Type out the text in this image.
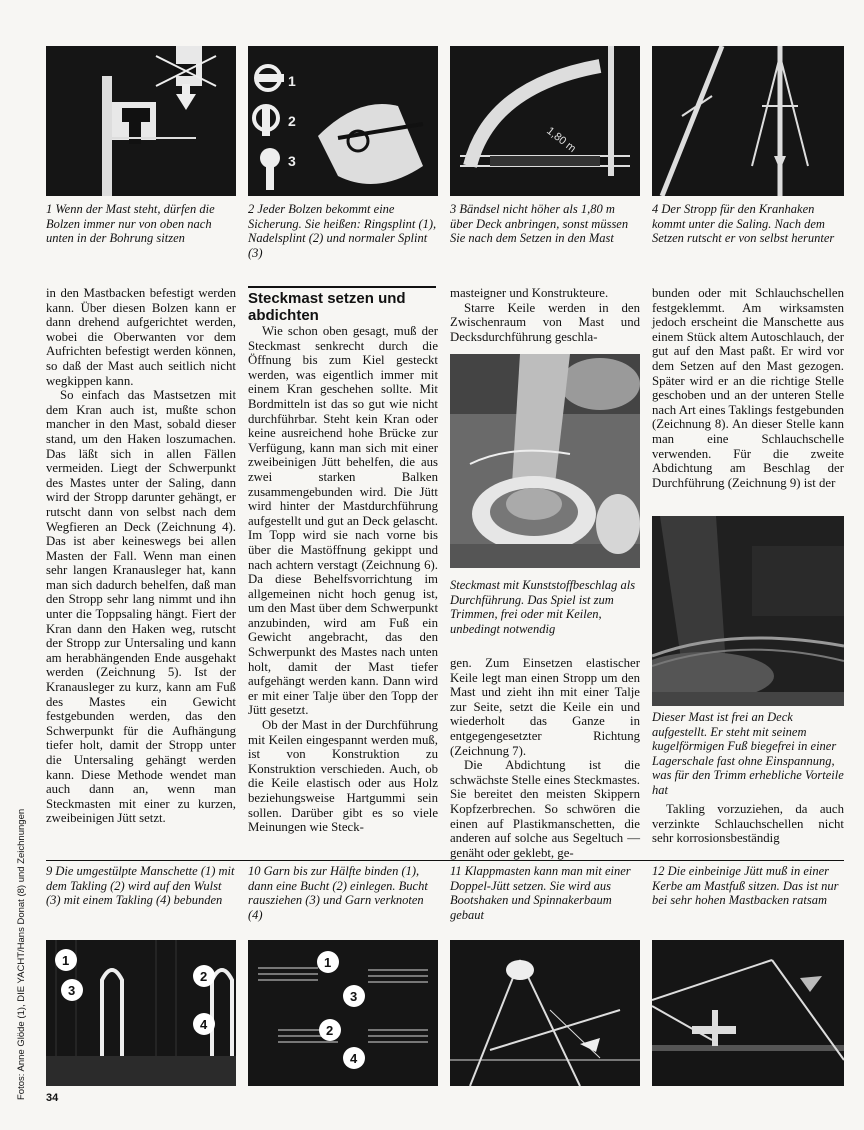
1
2
3
1,80 m
1 Wenn der Mast steht, dürfen die Bolzen immer nur von oben nach unten in der Bohrung sitzen
2 Jeder Bolzen bekommt eine Sicherung. Sie heißen: Ringsplint (1), Nadelsplint (2) und normaler Splint (3)
3 Bändsel nicht höher als 1,80 m über Deck anbringen, sonst müssen Sie nach dem Setzen in den Mast
4 Der Stropp für den Kranhaken kommt unter die Saling. Nach dem Setzen rutscht er von selbst herunter

in den Mastbacken befestigt werden kann. Über diesen Bolzen kann er dann drehend aufgerichtet werden, wobei die Oberwanten vor dem Aufrichten befestigt werden können, so daß der Mast auch seitlich nicht wegkippen kann.

So einfach das Mastsetzen mit dem Kran auch ist, mußte schon mancher in den Mast, sobald dieser stand, um den Haken loszumachen. Das läßt sich in allen Fällen vermeiden. Liegt der Schwerpunkt des Mastes unter der Saling, dann wird der Stropp darunter gehängt, er rutscht dann von selbst nach dem Wegfieren an Deck (Zeichnung 4). Das ist aber keineswegs bei allen Masten der Fall. Wenn man einen sehr langen Kranausleger hat, kann man sich dadurch behelfen, daß man den Stropp sehr lang nimmt und ihn unter die Toppsaling hängt. Fiert der Kran dann den Haken weg, rutscht der Stropp zur Untersaling und kann am herabhängenden Ende ausgehakt werden (Zeichnung 5). Ist der Kranausleger zu kurz, kann am Fuß des Mastes ein Gewicht festgebunden werden, das den Schwerpunkt für die Aufhängung tiefer holt, damit der Stropp unter die Untersaling gehängt werden kann. Diese Methode wendet man auch dann an, wenn man Steckmasten mit einer zu kurzen, zweibeinigen Jütt setzt.

Steckmast setzen und abdichten

Wie schon oben gesagt, muß der Steckmast senkrecht durch die Öffnung bis zum Kiel gesteckt werden, was eigentlich immer mit einem Kran geschehen sollte. Mit Bordmitteln ist das so gut wie nicht durchführbar. Steht kein Kran oder keine ausreichend hohe Brücke zur Verfügung, kann man sich mit einer zweibeinigen Jütt behelfen, die aus zwei starken Balken zusammengebunden wird. Die Jütt wird hinter der Mastdurchführung aufgestellt und gut an Deck gelascht. Im Topp wird sie nach vorne bis über die Mastöffnung gekippt und nach achtern verstagt (Zeichnung 6). Da diese Behelfsvorrichtung im allgemeinen nicht hoch genug ist, um den Mast über dem Schwerpunkt anzubinden, wird am Fuß ein Gewicht angebracht, das den Schwerpunkt des Mastes nach unten holt, damit der Mast tiefer aufgehängt werden kann. Dann wird er mit einer Talje über den Topp der Jütt gesetzt.

Ob der Mast in der Durchführung mit Keilen eingespannt werden muß, ist von Konstruktion zu Konstruktion verschieden. Auch, ob die Keile elastisch oder aus Holz beziehungsweise Hartgummi sein sollen. Darüber gibt es so viele Meinungen wie Steck-

masteigner und Konstrukteure.

Starre Keile werden in den Zwischenraum von Mast und Decksdurchführung geschla-

Steckmast mit Kunststoffbeschlag als Durchführung. Das Spiel ist zum Trimmen, frei oder mit Keilen, unbedingt notwendig

gen. Zum Einsetzen elastischer Keile legt man einen Stropp um den Mast und zieht ihn mit einer Talje zur Seite, setzt die Keile ein und wiederholt das Ganze in entgegengesetzter Richtung (Zeichnung 7).

Die Abdichtung ist die schwächste Stelle eines Steckmastes. Sie bereitet den meisten Skippern Kopfzerbrechen. So schwören die einen auf Plastikmanschetten, die anderen auf solche aus Segeltuch — genäht oder geklebt, ge-

bunden oder mit Schlauchschellen festgeklemmt. Am wirksamsten jedoch erscheint die Manschette aus einem Stück altem Autoschlauch, der gut auf den Mast paßt. Er wird vor dem Setzen auf den Mast gezogen. Später wird er an die richtige Stelle geschoben und an der unteren Stelle nach Art eines Taklings festgebunden (Zeichnung 8). An dieser Stelle kann man eine Schlauchschelle verwenden. Für die zweite Abdichtung am Beschlag der Durchführung (Zeichnung 9) ist der

Dieser Mast ist frei an Deck aufgestellt. Er steht mit seinem kugelförmigen Fuß biegefrei in einer Lagerschale fast ohne Einspannung, was für den Trimm erhebliche Vorteile hat

Takling vorzuziehen, da auch verzinkte Schlauchschellen nicht sehr korrosionsbeständig

9 Die umgestülpte Manschette (1) mit dem Takling (2) wird auf den Wulst (3) mit einem Takling (4) bebunden
10 Garn bis zur Hälfte binden (1), dann eine Bucht (2) einlegen. Bucht rausziehen (3) und Garn verknoten (4)
11 Klappmasten kann man mit einer Doppel-Jütt setzen. Sie wird aus Bootshaken und Spinnakerbaum gebaut
12 Die einbeinige Jütt muß in einer Kerbe am Mastfuß sitzen. Das ist nur bei sehr hohen Mastbacken ratsam
1
3
2
4
1
3
2
4
Fotos: Anne Glöde (1), DIE YACHT/Hans Donat (8) und Zeichnungen 34
